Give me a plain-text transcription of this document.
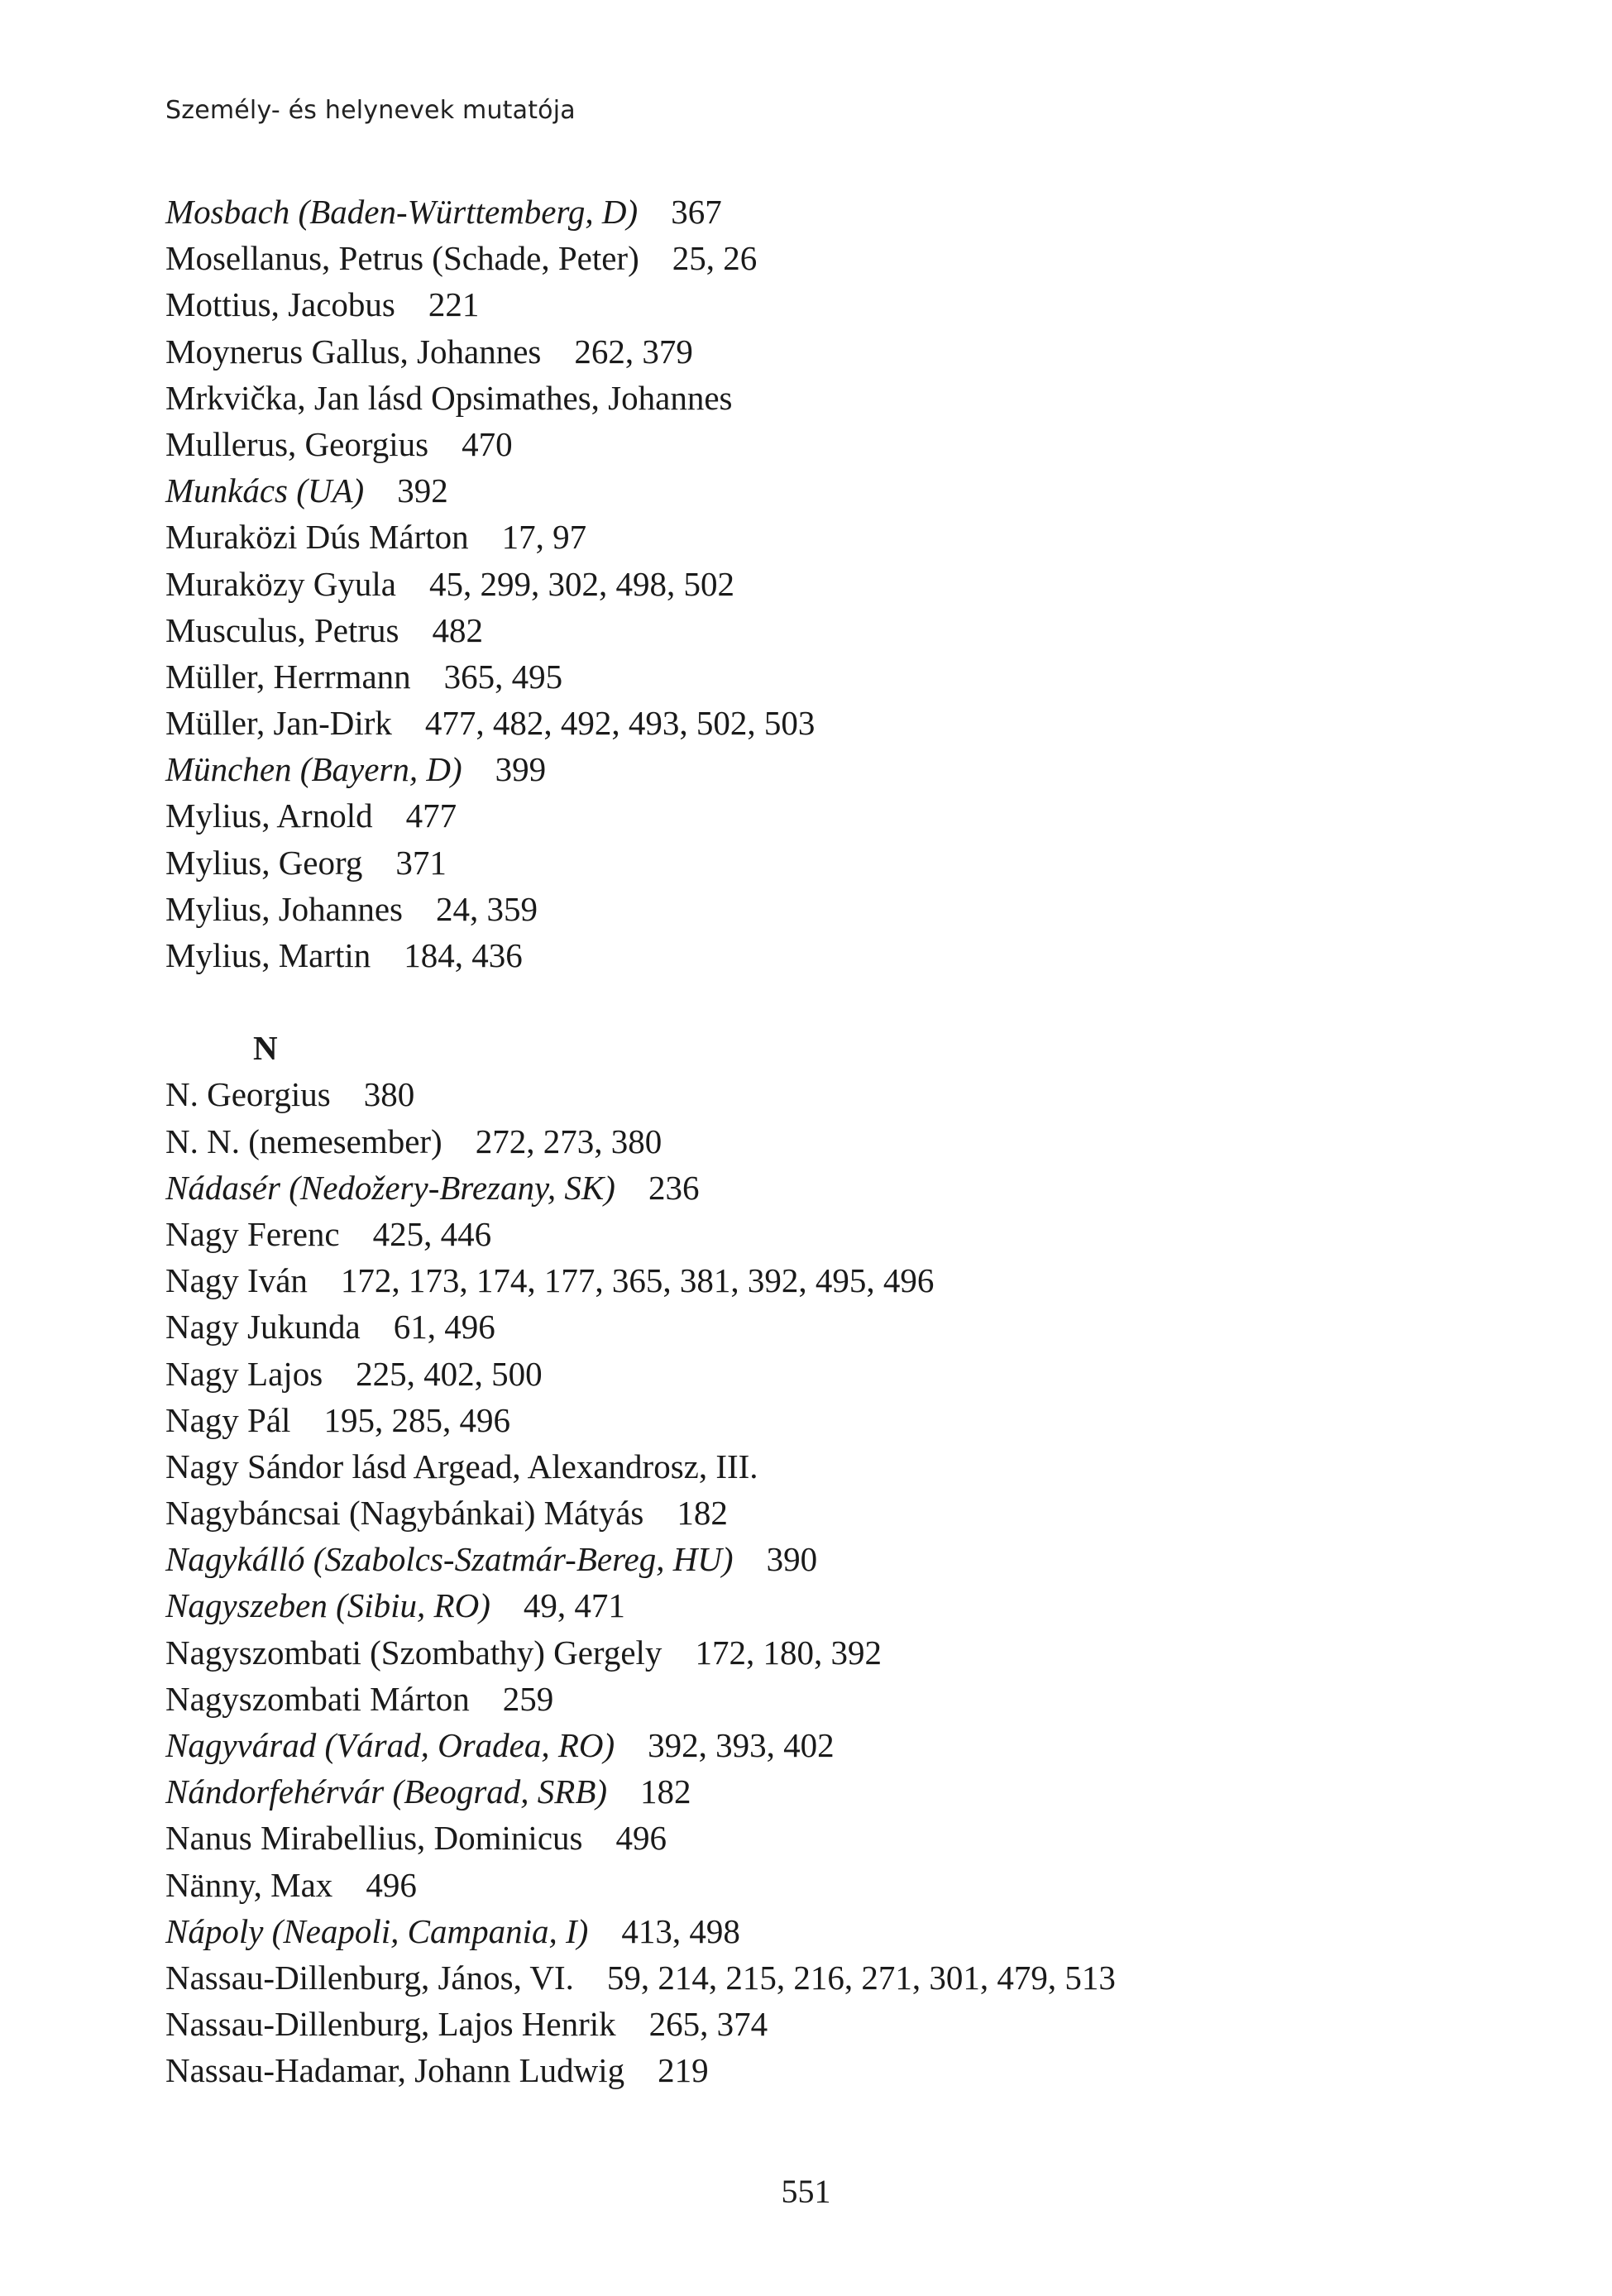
Személy- és helynevek mutatója
Mosbach (Baden-Württemberg, D) 367
Mosellanus, Petrus (Schade, Peter) 25, 26
Mottius, Jacobus 221
Moynerus Gallus, Johannes 262, 379
Mrkvička, Jan lásd Opsimathes, Johannes
Mullerus, Georgius 470
Munkács (UA) 392
Muraközi Dús Márton 17, 97
Muraközy Gyula 45, 299, 302, 498, 502
Musculus, Petrus 482
Müller, Herrmann 365, 495
Müller, Jan-Dirk 477, 482, 492, 493, 502, 503
München (Bayern, D) 399
Mylius, Arnold 477
Mylius, Georg 371
Mylius, Johannes 24, 359
Mylius, Martin 184, 436
N
N. Georgius 380
N. N. (nemesember) 272, 273, 380
Nádasér (Nedožery-Brezany, SK) 236
Nagy Ferenc 425, 446
Nagy Iván 172, 173, 174, 177, 365, 381, 392, 495, 496
Nagy Jukunda 61, 496
Nagy Lajos 225, 402, 500
Nagy Pál 195, 285, 496
Nagy Sándor lásd Argead, Alexandrosz, III.
Nagybáncsai (Nagybánkai) Mátyás 182
Nagykálló (Szabolcs-Szatmár-Bereg, HU) 390
Nagyszeben (Sibiu, RO) 49, 471
Nagyszombati (Szombathy) Gergely 172, 180, 392
Nagyszombati Márton 259
Nagyvárad (Várad, Oradea, RO) 392, 393, 402
Nándorfehérvár (Beograd, SRB) 182
Nanus Mirabellius, Dominicus 496
Nänny, Max 496
Nápoly (Neapoli, Campania, I) 413, 498
Nassau-Dillenburg, János, VI. 59, 214, 215, 216, 271, 301, 479, 513
Nassau-Dillenburg, Lajos Henrik 265, 374
Nassau-Hadamar, Johann Ludwig 219
551
